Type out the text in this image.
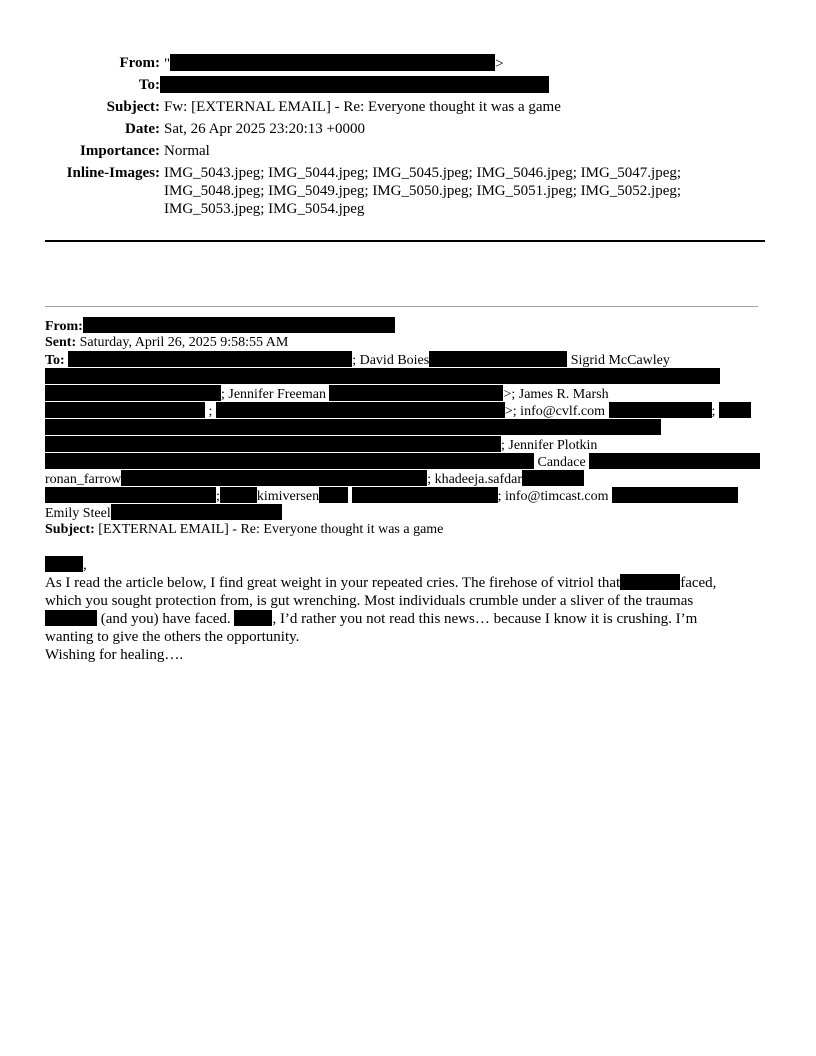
From: "	>
To:
Subject: Fw: [EXTERNAL EMAIL] - Re: Everyone thought it was a game
Date: Sat, 26 Apr 2025 23:20:13 +0000
Importance: Normal
Inline-Images: IMG_5043.jpeg; IMG_5044.jpeg; IMG_5045.jpeg; IMG_5046.jpeg; IMG_5047.jpeg;
IMG_5048.jpeg; IMG_5049.jpeg; IMG_5050.jpeg; IMG_5051.jpeg; IMG_5052.jpeg;
IMG_5053.jpeg; IMG_5054.jpeg
From:
Sent: Saturday, April 26, 2025 9:58:55 AM
To:	; David Boies	Sigrid McCawley
; Jennifer Freeman	>; James R. Marsh
;	>; info@cvlf.com	;
; Jennifer Plotkin
Candace
ronan_farrow	; khadeeja.safdar
;	kimiversen	; info@timcast.com
Emily Steel
Subject: [EXTERNAL EMAIL] - Re: Everyone thought it was a game
,
As I read the article below, I find great weight in your repeated cries. The firehose of vitriol that	faced,
which you sought protection from, is gut wrenching. Most individuals crumble under a sliver of the traumas
(and you) have faced.	, I’d rather you not read this news… because I know it is crushing. I’m
wanting to give the others the opportunity.
Wishing for healing….
